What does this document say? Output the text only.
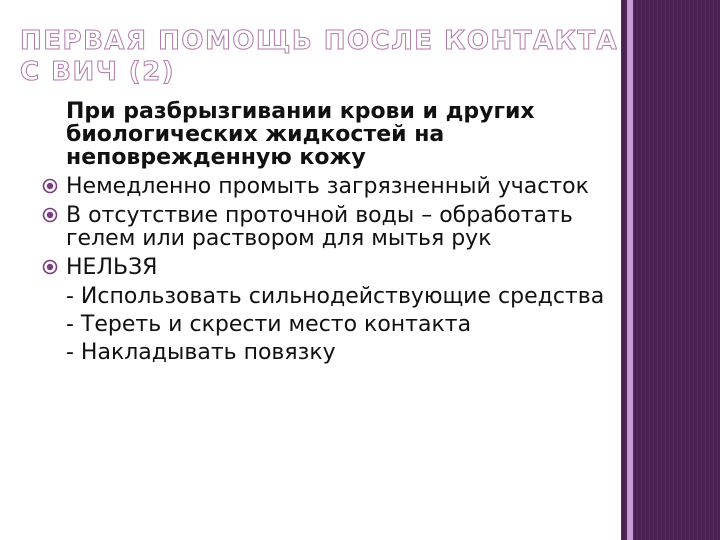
ПЕРВАЯ ПОМОЩЬ ПОСЛЕ КОНТАКТА С ВИЧ (2)

При разбрызгивании крови и других биологических жидкостей на неповрежденную кожу

Немедленно промыть загрязненный участок
В отсутствие проточной воды – обработать гелем или раствором для мытья рук
НЕЛЬЗЯ

- Использовать сильнодействующие средства

- Тереть и скрести место контакта

- Накладывать повязку
